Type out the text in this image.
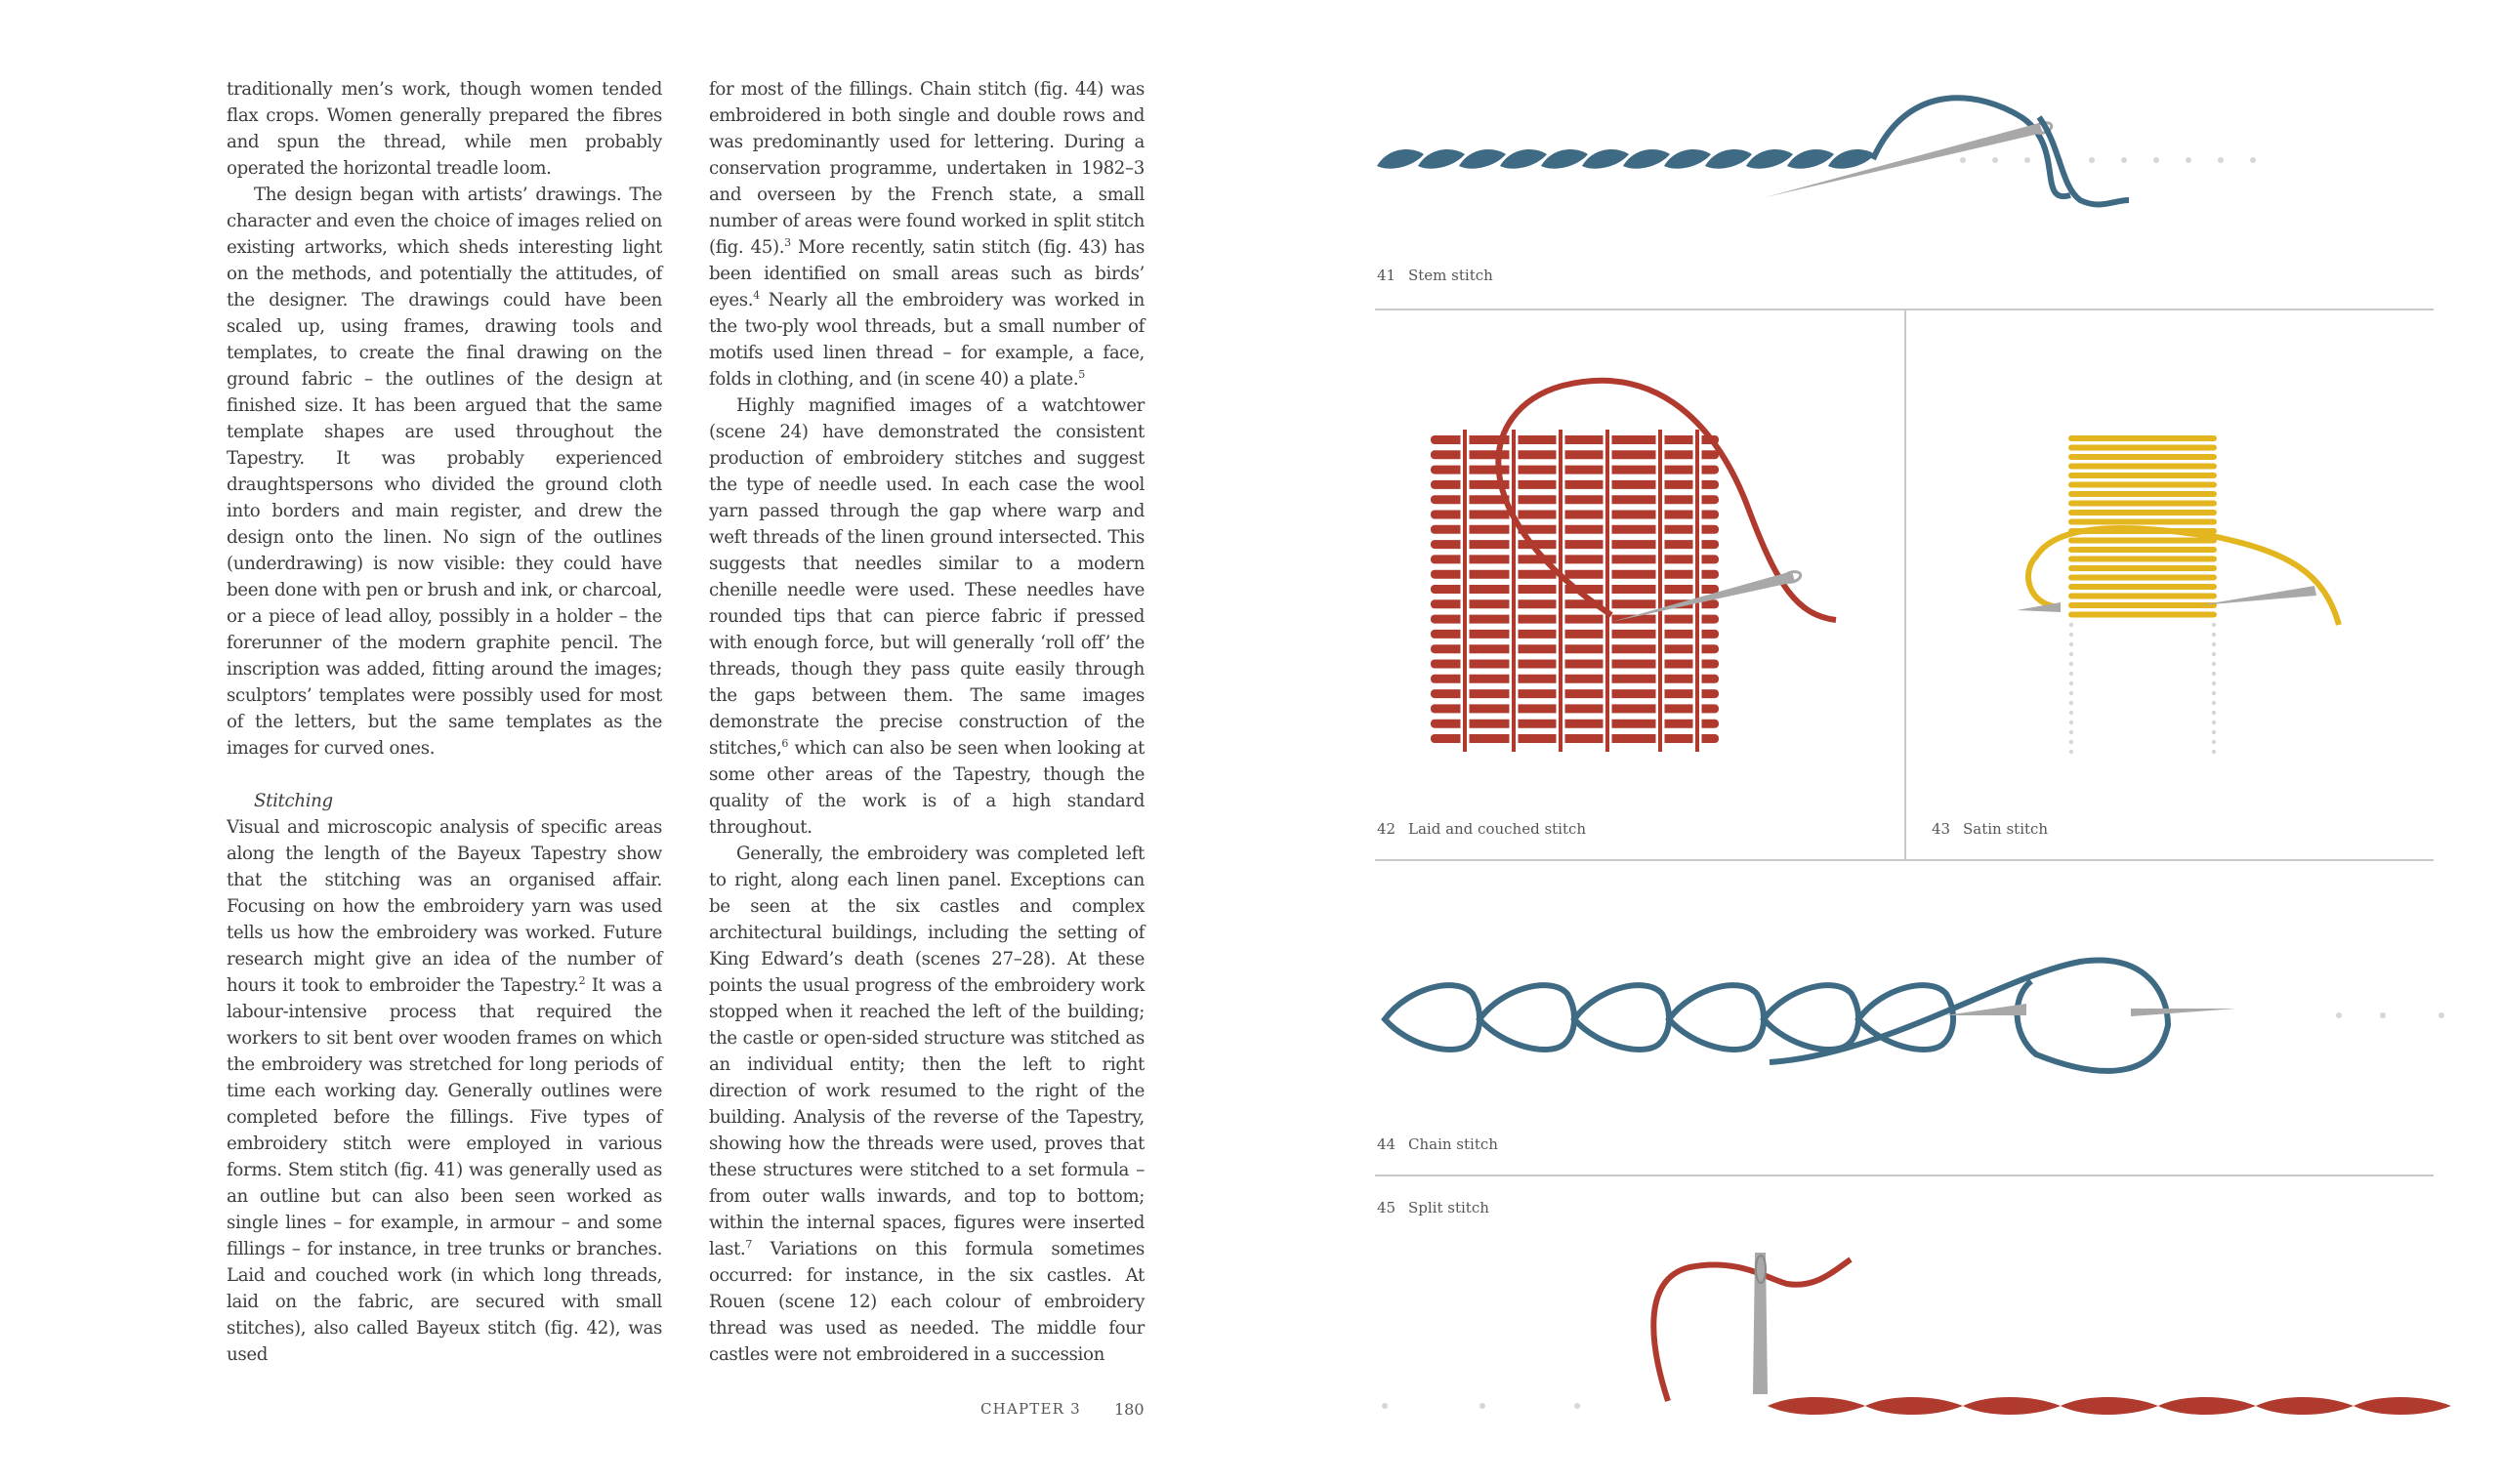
traditionally men’s work, though women tended flax crops. Women generally prepared the fibres and spun the thread, while men probably operated the horizontal treadle loom.

The design began with artists’ drawings. The character and even the choice of images relied on existing artworks, which sheds interesting light on the methods, and potentially the attitudes, of the designer. The drawings could have been scaled up, using frames, drawing tools and templates, to create the final drawing on the ground fabric – the outlines of the design at finished size. It has been argued that the same template shapes are used throughout the Tapestry. It was probably experienced draughtspersons who divided the ground cloth into borders and main register, and drew the design onto the linen. No sign of the outlines (underdrawing) is now visible: they could have been done with pen or brush and ink, or charcoal, or a piece of lead alloy, possibly in a holder – the forerunner of the modern graphite pencil. The inscription was added, fitting around the images; sculptors’ templates were possibly used for most of the letters, but the same templates as the images for curved ones.

Stitching

Visual and microscopic analysis of specific areas along the length of the Bayeux Tapestry show that the stitching was an organised affair. Focusing on how the embroidery yarn was used tells us how the embroidery was worked. Future research might give an idea of the number of hours it took to embroider the Tapestry.$^2$ It was a labour-intensive process that required the workers to sit bent over wooden frames on which the embroidery was stretched for long periods of time each working day. Generally outlines were completed before the fillings. Five types of embroidery stitch were employed in various forms. Stem stitch (fig. 41) was generally used as an outline but can also been seen worked as single lines – for example, in armour – and some fillings – for instance, in tree trunks or branches. Laid and couched work (in which long threads, laid on the fabric, are secured with small stitches), also called Bayeux stitch (fig. 42), was used

for most of the fillings. Chain stitch (fig. 44) was embroidered in both single and double rows and was predominantly used for lettering. During a conservation programme, undertaken in 1982–3 and overseen by the French state, a small number of areas were found worked in split stitch (fig. 45).$^3$ More recently, satin stitch (fig. 43) has been identified on small areas such as birds’ eyes.$^4$ Nearly all the embroidery was worked in the two-ply wool threads, but a small number of motifs used linen thread – for example, a face, folds in clothing, and (in scene 40) a plate.$^5$

Highly magnified images of a watchtower (scene 24) have demonstrated the consistent production of embroidery stitches and suggest the type of needle used. In each case the wool yarn passed through the gap where warp and weft threads of the linen ground intersected. This suggests that needles similar to a modern chenille needle were used. These needles have rounded tips that can pierce fabric if pressed with enough force, but will generally ‘roll off’ the threads, though they pass quite easily through the gaps between them. The same images demonstrate the precise construction of the stitches,$^6$ which can also be seen when looking at some other areas of the Tapestry, though the quality of the work is of a high standard throughout.

Generally, the embroidery was completed left to right, along each linen panel. Exceptions can be seen at the six castles and complex architectural buildings, including the setting of King Edward’s death (scenes 27–28). At these points the usual progress of the embroidery work stopped when it reached the left of the building; the castle or open-sided structure was stitched as an individual entity; then the left to right direction of work resumed to the right of the building. Analysis of the reverse of the Tapestry, showing how the threads were used, proves that these structures were stitched to a set formula – from outer walls inwards, and top to bottom; within the internal spaces, figures were inserted last.$^7$ Variations on this formula sometimes occurred: for instance, in the six castles. At Rouen (scene 12) each colour of embroidery thread was used as needed. The middle four castles were not embroidered in a succession

CHAPTER 3 180
41 Stem stitch
42 Laid and couched stitch	43 Satin stitch
44 Chain stitch
45 Split stitch
